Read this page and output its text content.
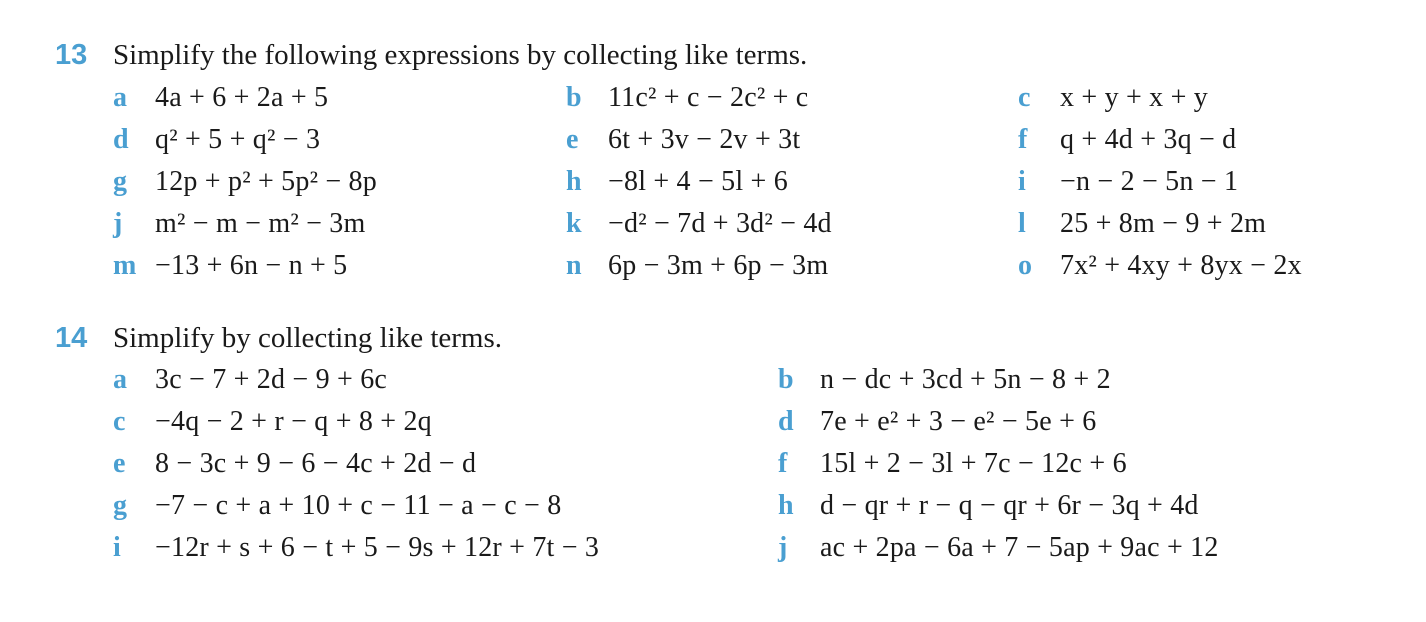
13 Simplify the following expressions by collecting like terms.
a 4a + 6 + 2a + 5	b 11c² + c − 2c² + c	c x + y + x + y
d q² + 5 + q² − 3	e 6t + 3v − 2v + 3t	f q + 4d + 3q − d
g 12p + p² + 5p² − 8p	h −8l + 4 − 5l + 6	i −n − 2 − 5n − 1
j m² − m − m² − 3m	k −d² − 7d + 3d² − 4d	l 25 + 8m − 9 + 2m
m −13 + 6n − n + 5	n 6p − 3m + 6p − 3m	o 7x² + 4xy + 8yx − 2x
14 Simplify by collecting like terms.
a 3c − 7 + 2d − 9 + 6c	b n − dc + 3cd + 5n − 8 + 2
c −4q − 2 + r − q + 8 + 2q	d 7e + e² + 3 − e² − 5e + 6
e 8 − 3c + 9 − 6 − 4c + 2d − d	f 15l + 2 − 3l + 7c − 12c + 6
g −7 − c + a + 10 + c − 11 − a − c − 8	h d − qr + r − q − qr + 6r − 3q + 4d
i −12r + s + 6 − t + 5 − 9s + 12r + 7t − 3	j ac + 2pa − 6a + 7 − 5ap + 9ac + 12
